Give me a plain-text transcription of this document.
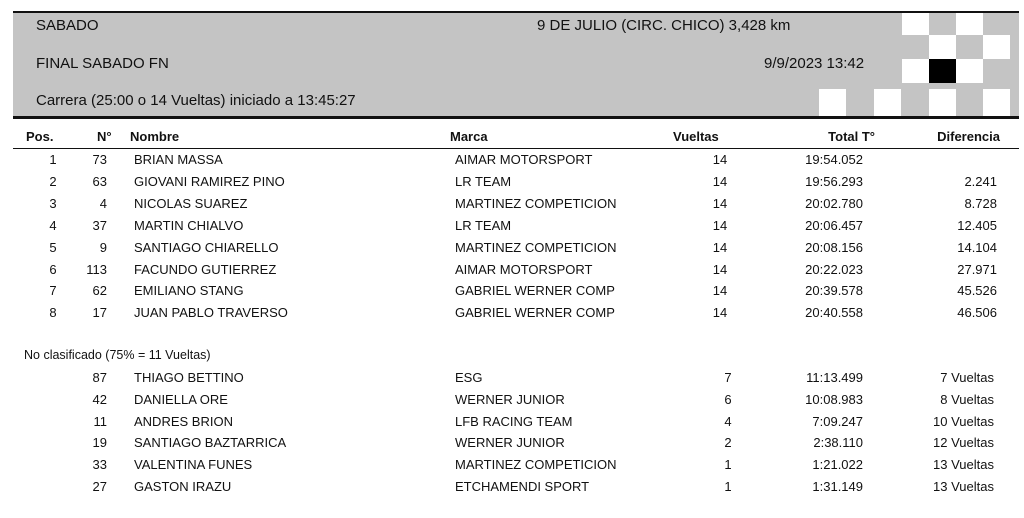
SABADO	9 DE JULIO (CIRC. CHICO) 3,428 km
FINAL SABADO FN	9/9/2023 13:42
Carrera (25:00 o 14 Vueltas) iniciado a 13:45:27
Pos.	N° Nombre	Marca	Vueltas	Total T°	Diferencia
1	73 BRIAN MASSA	AIMAR MOTORSPORT	14	19:54.052
2	63 GIOVANI RAMIREZ PINO	LR TEAM	14	19:56.293	2.241
3	4 NICOLAS SUAREZ	MARTINEZ COMPETICION	14	20:02.780	8.728
4	37 MARTIN CHIALVO	LR TEAM	14	20:06.457	12.405
5	9 SANTIAGO CHIARELLO	MARTINEZ COMPETICION	14	20:08.156	14.104
6	113 FACUNDO GUTIERREZ	AIMAR MOTORSPORT	14	20:22.023	27.971
7	62 EMILIANO STANG	GABRIEL WERNER COMP	14	20:39.578	45.526
8	17 JUAN PABLO TRAVERSO	GABRIEL WERNER COMP	14	20:40.558	46.506
No clasificado (75% = 11 Vueltas)
87 THIAGO BETTINO	ESG	7	11:13.499	7 Vueltas
42 DANIELLA ORE	WERNER JUNIOR	6	10:08.983	8 Vueltas
11 ANDRES BRION	LFB RACING TEAM	4	7:09.247	10 Vueltas
19 SANTIAGO BAZTARRICA	WERNER JUNIOR	2	2:38.110	12 Vueltas
33 VALENTINA FUNES	MARTINEZ COMPETICION	1	1:21.022	13 Vueltas
27 GASTON IRAZU	ETCHAMENDI SPORT	1	1:31.149	13 Vueltas
